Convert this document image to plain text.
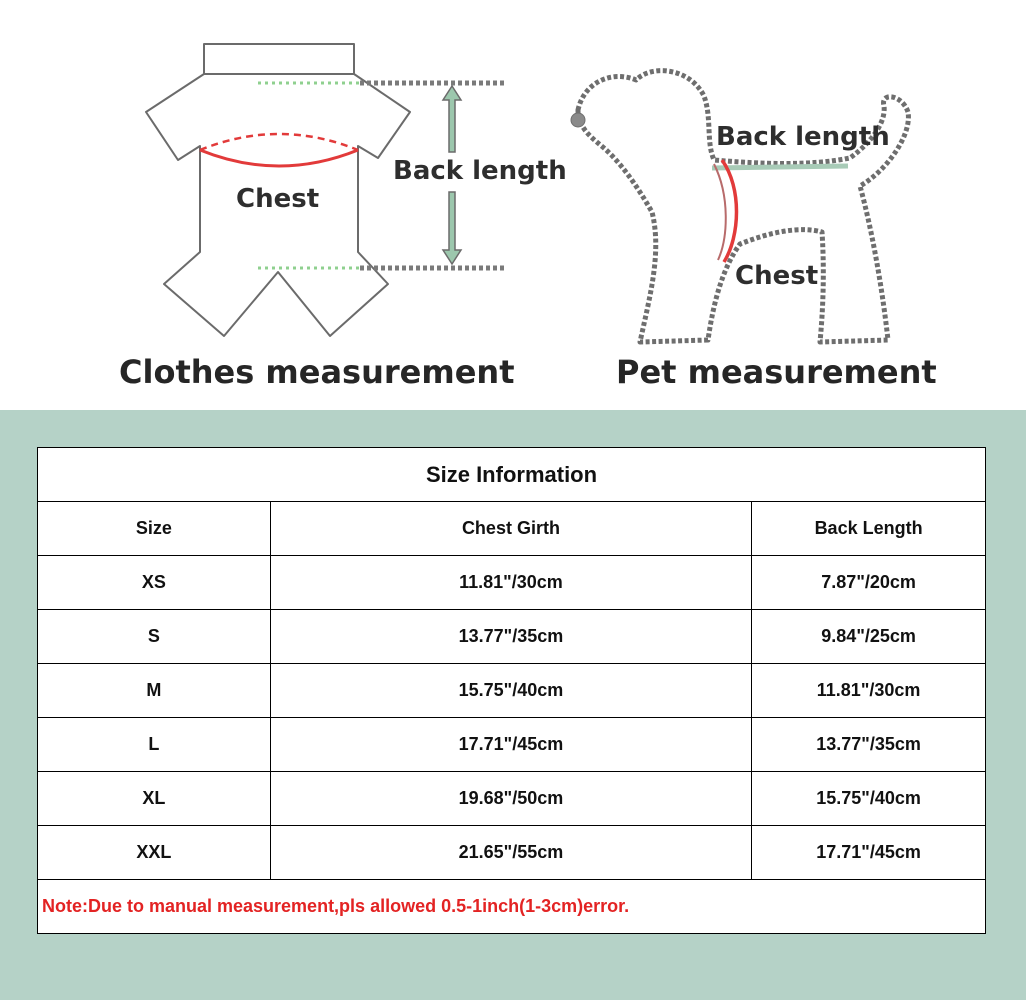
Chest
Back length
Clothes measurement
Back length
Chest
Pet measurement
Size Information		
Size	Chest Girth	Back Length
XS	11.81"/30cm	7.87"/20cm
S	13.77"/35cm	9.84"/25cm
M	15.75"/40cm	11.81"/30cm
L	17.71"/45cm	13.77"/35cm
XL	19.68"/50cm	15.75"/40cm
XXL	21.65"/55cm	17.71"/45cm
Note:Due to manual measurement,pls allowed 0.5-1inch(1-3cm)error.		
